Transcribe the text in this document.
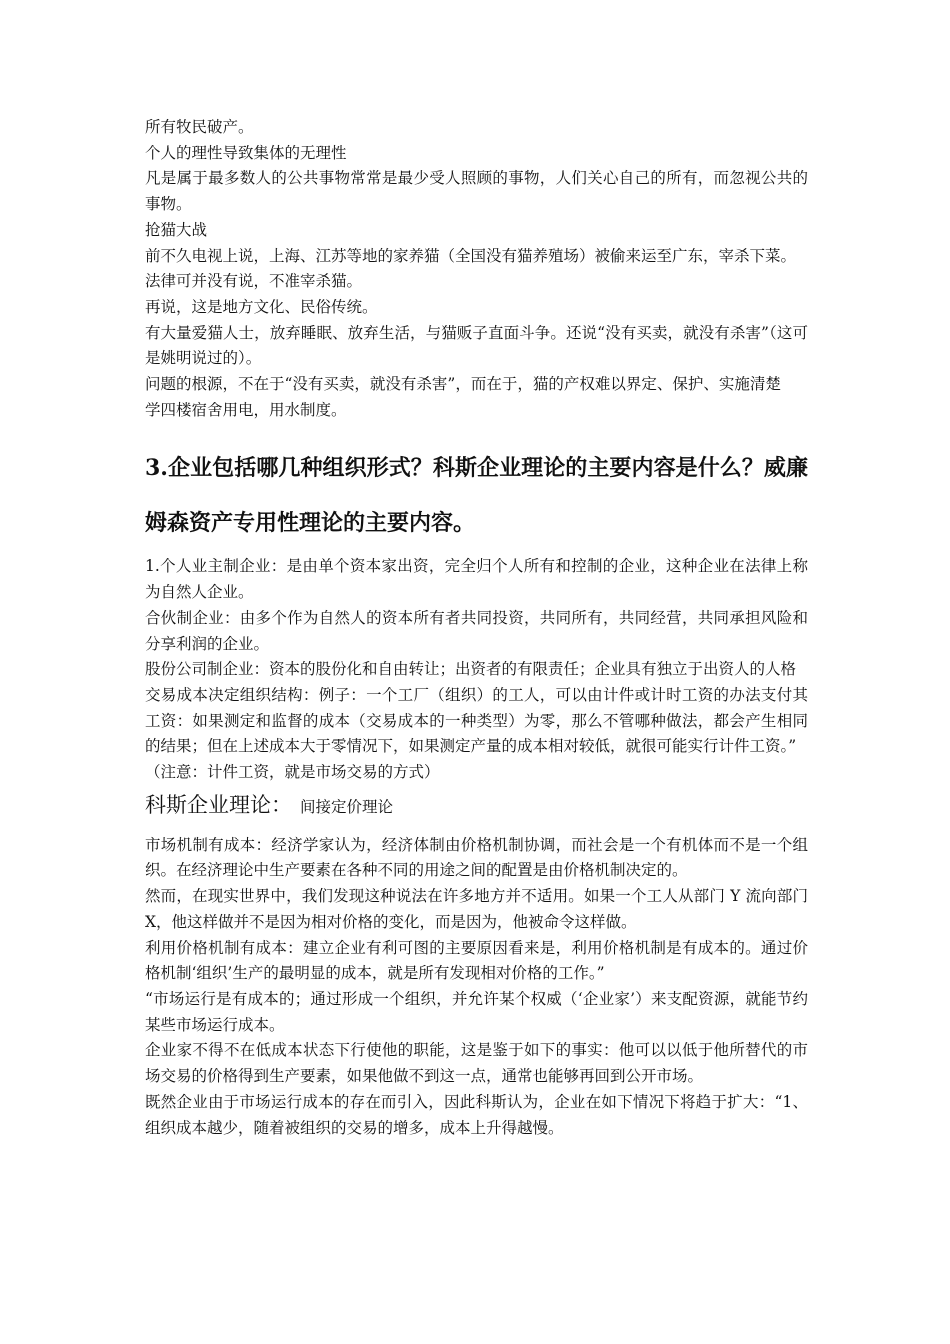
所有牧民破产。

个人的理性导致集体的无理性

凡是属于最多数人的公共事物常常是最少受人照顾的事物，人们关心自己的所有，而忽视公共的事物。

抢猫大战

前不久电视上说，上海、江苏等地的家养猫（全国没有猫养殖场）被偷来运至广东，宰杀下菜。

法律可并没有说，不准宰杀猫。

再说，这是地方文化、民俗传统。

有大量爱猫人士，放弃睡眠、放弃生活，与猫贩子直面斗争。还说“没有买卖，就没有杀害”（这可是姚明说过的）。

问题的根源，不在于“没有买卖，就没有杀害”，而在于，猫的产权难以界定、保护、实施清楚

学四楼宿舍用电，用水制度。

3.企业包括哪几种组织形式？科斯企业理论的主要内容是什么？威廉姆森资产专用性理论的主要内容。

1.个人业主制企业：是由单个资本家出资，完全归个人所有和控制的企业，这种企业在法律上称为自然人企业。

合伙制企业：由多个作为自然人的资本所有者共同投资，共同所有，共同经营，共同承担风险和分享利润的企业。

股份公司制企业：资本的股份化和自由转让；出资者的有限责任；企业具有独立于出资人的人格

交易成本决定组织结构：例子：一个工厂（组织）的工人，可以由计件或计时工资的办法支付其工资：如果测定和监督的成本（交易成本的一种类型）为零，那么不管哪种做法，都会产生相同的结果；但在上述成本大于零情况下，如果测定产量的成本相对较低，就很可能实行计件工资。”

（注意：计件工资，就是市场交易的方式）

科斯企业理论： 间接定价理论

市场机制有成本：经济学家认为，经济体制由价格机制协调，而社会是一个有机体而不是一个组织。在经济理论中生产要素在各种不同的用途之间的配置是由价格机制决定的。

然而，在现实世界中，我们发现这种说法在许多地方并不适用。如果一个工人从部门 Y 流向部门 X，他这样做并不是因为相对价格的变化，而是因为，他被命令这样做。

利用价格机制有成本：建立企业有利可图的主要原因看来是，利用价格机制是有成本的。通过价格机制‘组织’生产的最明显的成本，就是所有发现相对价格的工作。”

“市场运行是有成本的；通过形成一个组织，并允许某个权威（‘企业家’）来支配资源，就能节约某些市场运行成本。

企业家不得不在低成本状态下行使他的职能，这是鉴于如下的事实：他可以以低于他所替代的市场交易的价格得到生产要素，如果他做不到这一点，通常也能够再回到公开市场。

既然企业由于市场运行成本的存在而引入，因此科斯认为，企业在如下情况下将趋于扩大：“1、组织成本越少，随着被组织的交易的增多，成本上升得越慢。
